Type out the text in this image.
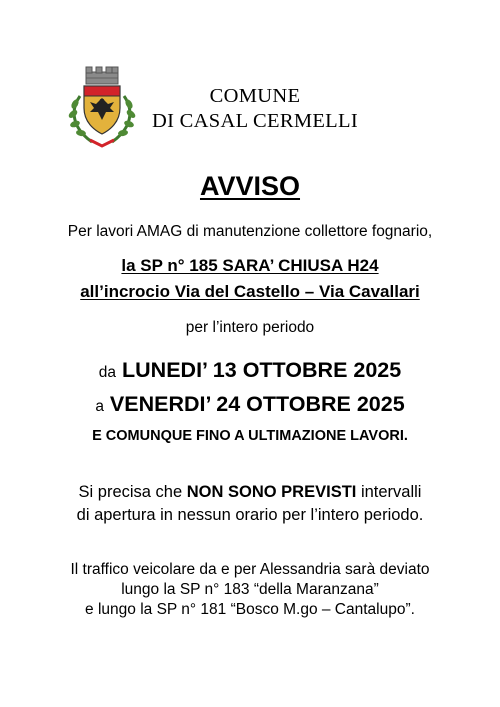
COMUNE
DI CASAL CERMELLI
AVVISO
Per lavori AMAG di manutenzione collettore fognario,
la SP n° 185 SARA’ CHIUSA H24
all’incrocio Via del Castello – Via Cavallari
per l’intero periodo
da LUNEDI’ 13 OTTOBRE 2025
a VENERDI’ 24 OTTOBRE 2025
E COMUNQUE FINO A ULTIMAZIONE LAVORI.
Si precisa che NON SONO PREVISTI intervalli
di apertura in nessun orario per l’intero periodo.
Il traffico veicolare da e per Alessandria sarà deviato
lungo la SP n° 183 “della Maranzana”
e lungo la SP n° 181 “Bosco M.go – Cantalupo”.
